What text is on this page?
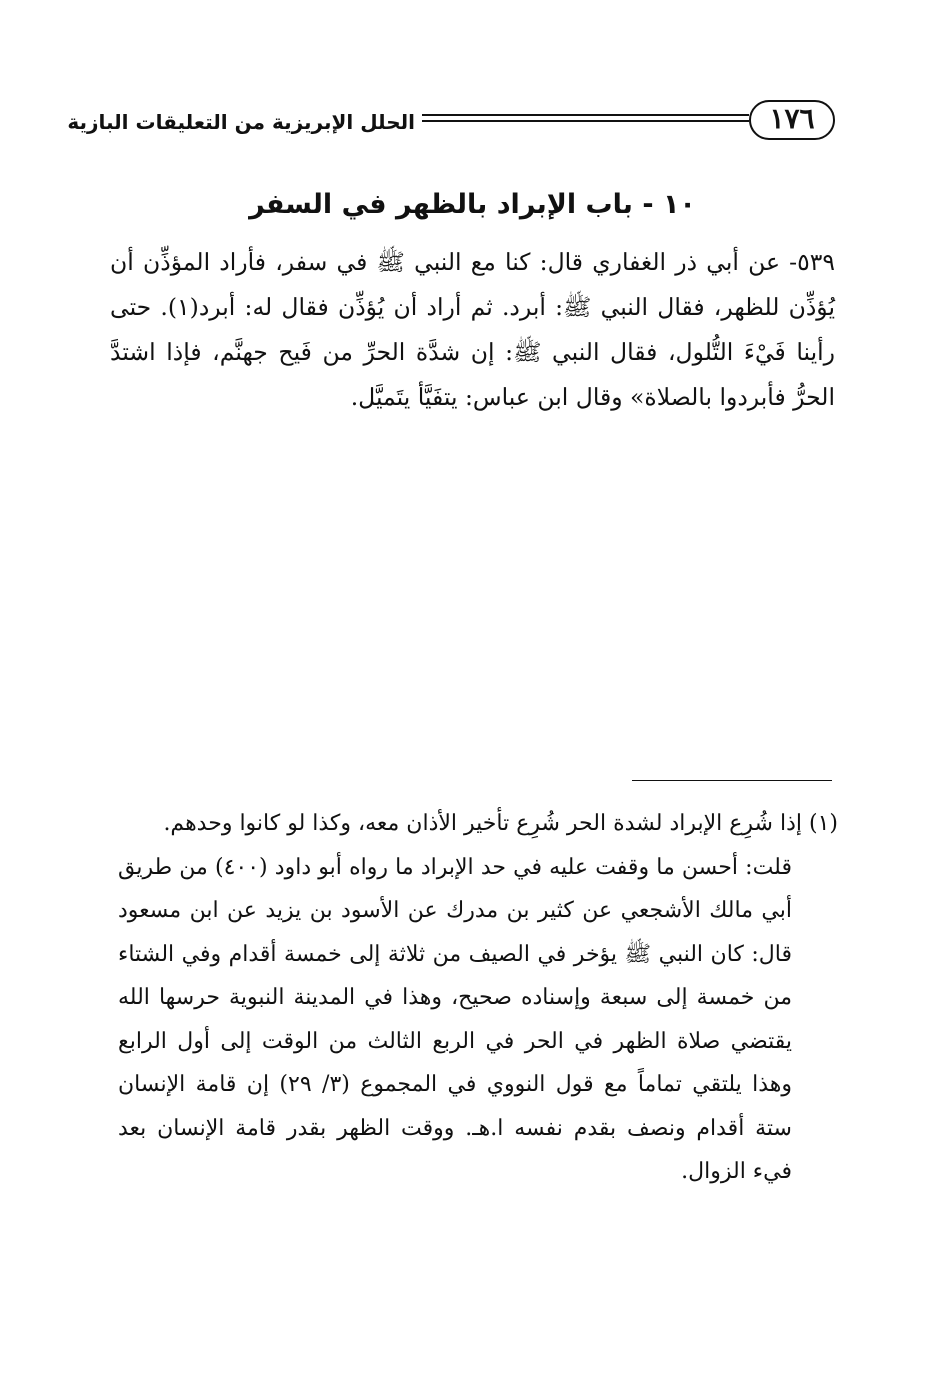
١٧٦
الحلل الإبريزية من التعليقات البازية
١٠ - باب الإبراد بالظهر في السفر

٥٣٩- عن أبي ذر الغفاري قال: كنا مع النبي ﷺ في سفر، فأراد المؤذِّن أن يُؤذِّن للظهر، فقال النبي ﷺ: أبرد. ثم أراد أن يُؤذِّن فقال له: أبرد(١). حتى رأينا فَيْءَ التُّلول، فقال النبي ﷺ: إن شدَّة الحرِّ من فَيح جهنَّم، فإذا اشتدَّ الحرُّ فأبردوا بالصلاة» وقال ابن عباس: يتفَيَّأ يتَميَّل.

(١) إذا شُرِع الإبراد لشدة الحر شُرِع تأخير الأذان معه، وكذا لو كانوا وحدهم.

قلت: أحسن ما وقفت عليه في حد الإبراد ما رواه أبو داود (٤٠٠) من طريق أبي مالك الأشجعي عن كثير بن مدرك عن الأسود بن يزيد عن ابن مسعود قال: كان النبي ﷺ يؤخر في الصيف من ثلاثة إلى خمسة أقدام وفي الشتاء من خمسة إلى سبعة وإسناده صحيح، وهذا في المدينة النبوية حرسها الله يقتضي صلاة الظهر في الحر في الربع الثالث من الوقت إلى أول الرابع وهذا يلتقي تماماً مع قول النووي في المجموع (٣/ ٢٩) إن قامة الإنسان ستة أقدام ونصف بقدم نفسه ا.هـ. ووقت الظهر بقدر قامة الإنسان بعد فيء الزوال.
